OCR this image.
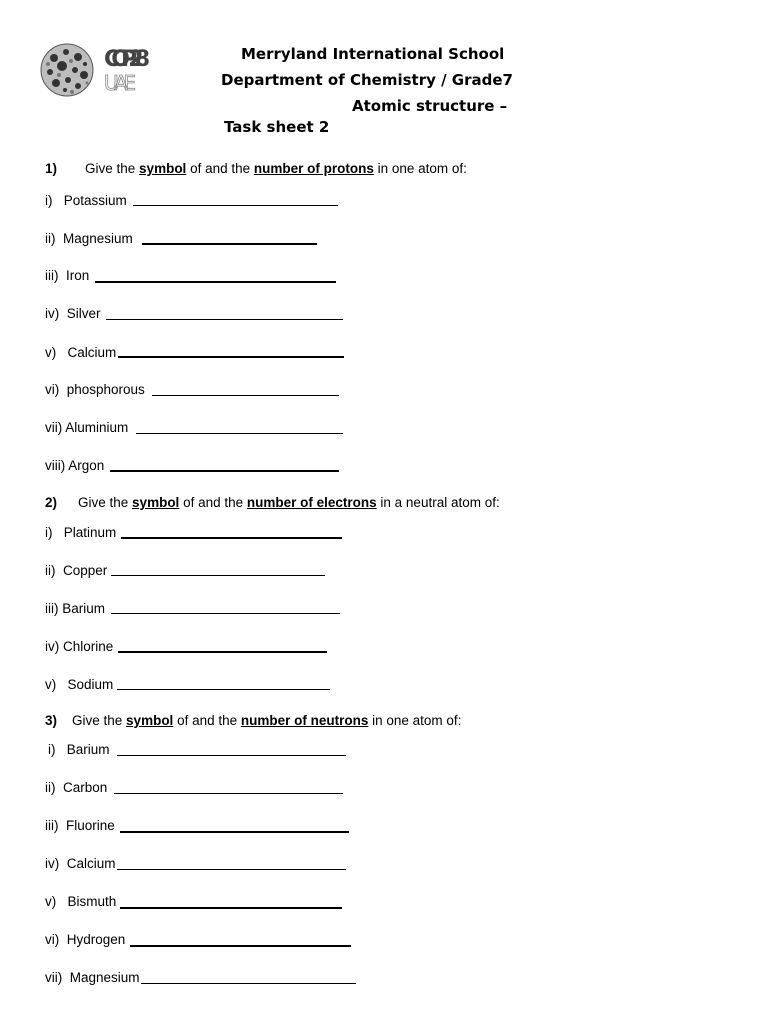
COP28
UAE
Merryland International School
Department of Chemistry / Grade7
Atomic structure –
Task sheet 2
1) Give the symbol of and the number of protons in one atom of:
i)   Potassium
ii)  Magnesium
iii)  Iron
iv)  Silver
v)   Calcium
vi)  phosphorous
vii) Aluminium
viii) Argon
2) Give the symbol of and the number of electrons in a neutral atom of:
i)   Platinum
ii)  Copper
iii) Barium
iv) Chlorine
v)   Sodium
3) Give the symbol of and the number of neutrons in one atom of:
i)   Barium
ii)  Carbon
iii)  Fluorine
iv)  Calcium
v)   Bismuth
vi)  Hydrogen
vii)  Magnesium
